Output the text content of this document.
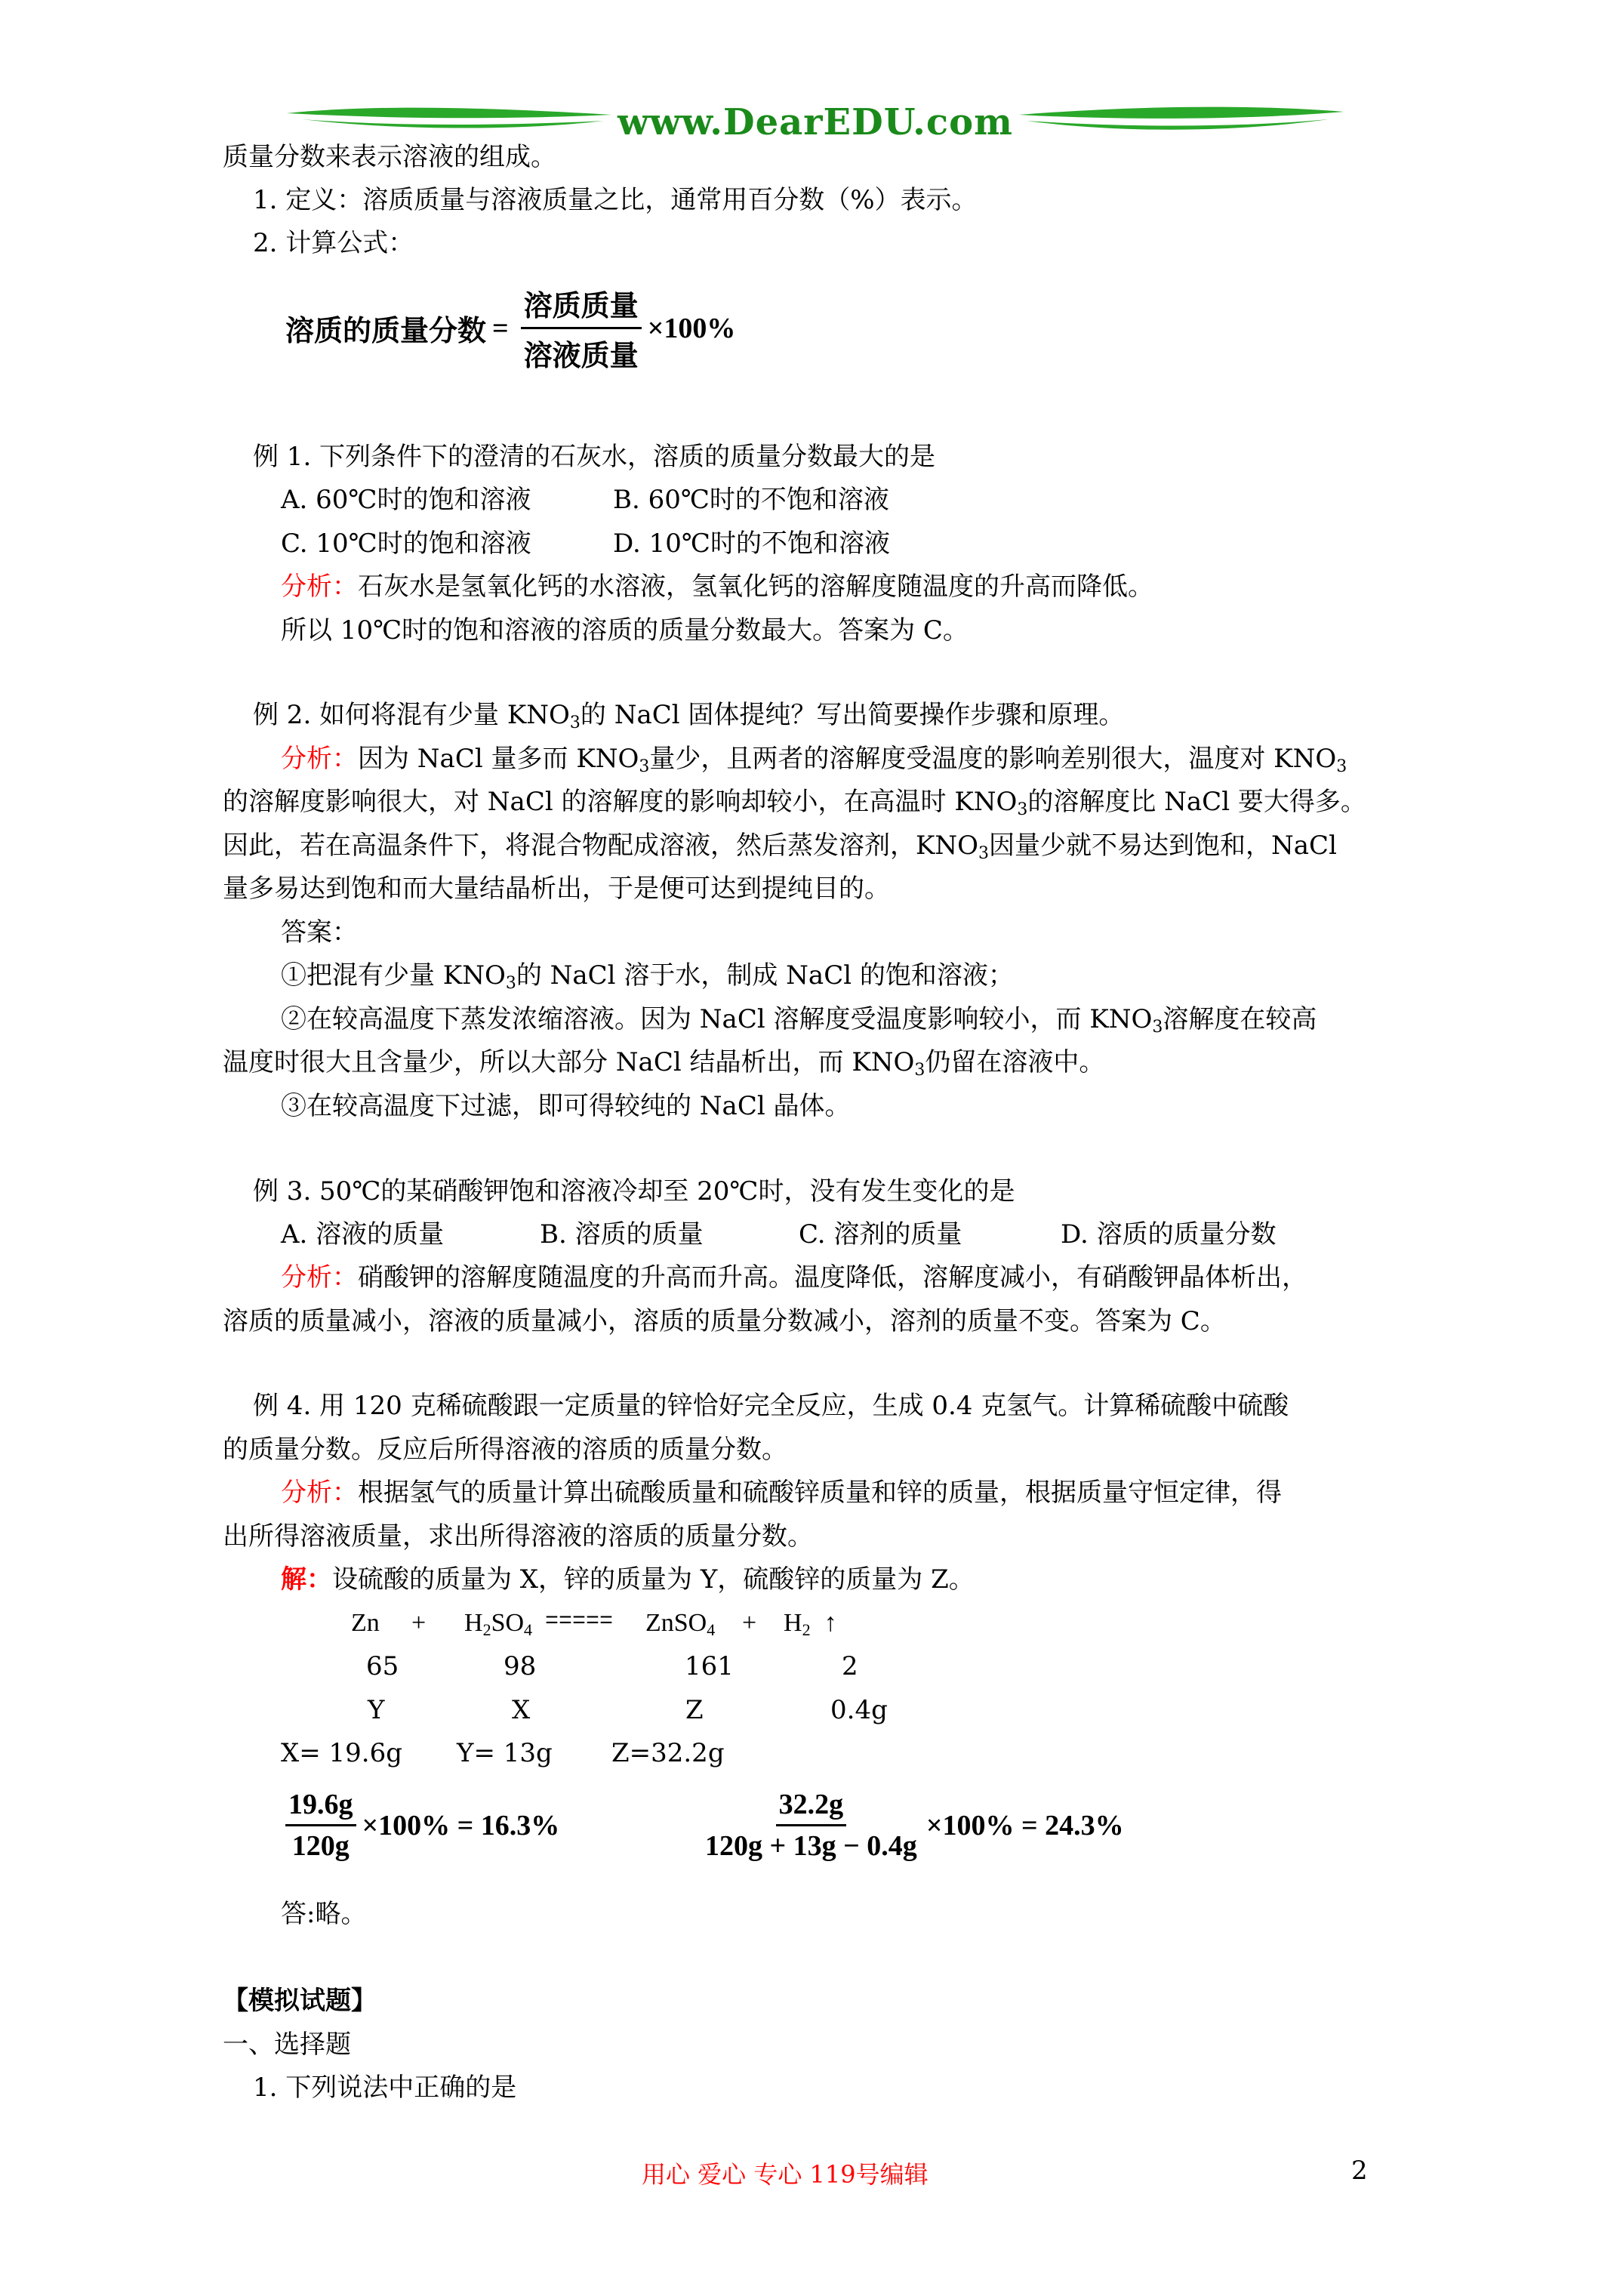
www.DearEDU.com
质量分数来表示溶液的组成。
1. 定义：溶质质量与溶液质量之比，通常用百分数（%）表示。
2. 计算公式：
溶质的质量分数 = $\frac{\text{溶质质量}}{\text{溶液质量}} \times 100\%$
例 1. 下列条件下的澄清的石灰水，溶质的质量分数最大的是
A. 60℃时的饱和溶液	B. 60℃时的不饱和溶液
C. 10℃时的饱和溶液	D. 10℃时的不饱和溶液
分析：石灰水是氢氧化钙的水溶液，氢氧化钙的溶解度随温度的升高而降低。
所以 10℃时的饱和溶液的溶质的质量分数最大。答案为 C。
例 2. 如何将混有少量 $KNO_3$的 NaCl 固体提纯？写出简要操作步骤和原理。
分析：因为 NaCl 量多而 $KNO_3$量少，且两者的溶解度受温度的影响差别很大，温度对 $KNO_3$
的溶解度影响很大，对 NaCl 的溶解度的影响却较小，在高温时 $KNO_3$的溶解度比 NaCl 要大得多。
因此，若在高温条件下，将混合物配成溶液，然后蒸发溶剂，$KNO_3$因量少就不易达到饱和，NaCl
量多易达到饱和而大量结晶析出，于是便可达到提纯目的。
答案：
①把混有少量 $KNO_3$的 NaCl 溶于水，制成 NaCl 的饱和溶液；
②在较高温度下蒸发浓缩溶液。因为 NaCl 溶解度受温度影响较小，而 $KNO_3$溶解度在较高
温度时很大且含量少，所以大部分 NaCl 结晶析出，而 $KNO_3$仍留在溶液中。
③在较高温度下过滤，即可得较纯的 NaCl 晶体。
例 3. 50℃的某硝酸钾饱和溶液冷却至 20℃时，没有发生变化的是
A. 溶液的质量	B. 溶质的质量	C. 溶剂的质量	D. 溶质的质量分数
分析：硝酸钾的溶解度随温度的升高而升高。温度降低，溶解度减小，有硝酸钾晶体析出，
溶质的质量减小，溶液的质量减小，溶质的质量分数减小，溶剂的质量不变。答案为 C。
例 4. 用 120 克稀硫酸跟一定质量的锌恰好完全反应，生成 0.4 克氢气。计算稀硫酸中硫酸
的质量分数。反应后所得溶液的溶质的质量分数。
分析：根据氢气的质量计算出硫酸质量和硫酸锌质量和锌的质量，根据质量守恒定律，得
出所得溶液质量，求出所得溶液的溶质的质量分数。
解：设硫酸的质量为 X，锌的质量为 Y，硫酸锌的质量为 Z。
$Zn + H_2SO_4$ ===== ZnSO$_4$ + $H_2$ ↑
65	98	161	2
Y	X	Z	0.4g
X= 19.6g Y= 13g Z=32.2g
$\frac{19.6g}{120g} \times 100\% = 16.3\%$	$\frac{32.2g}{120g + 13g - 0.4g} \times 100\% = 24.3\%$
答:略。
【模拟试题】
一、选择题
1. 下列说法中正确的是
用心 爱心 专心 119号编辑	2
